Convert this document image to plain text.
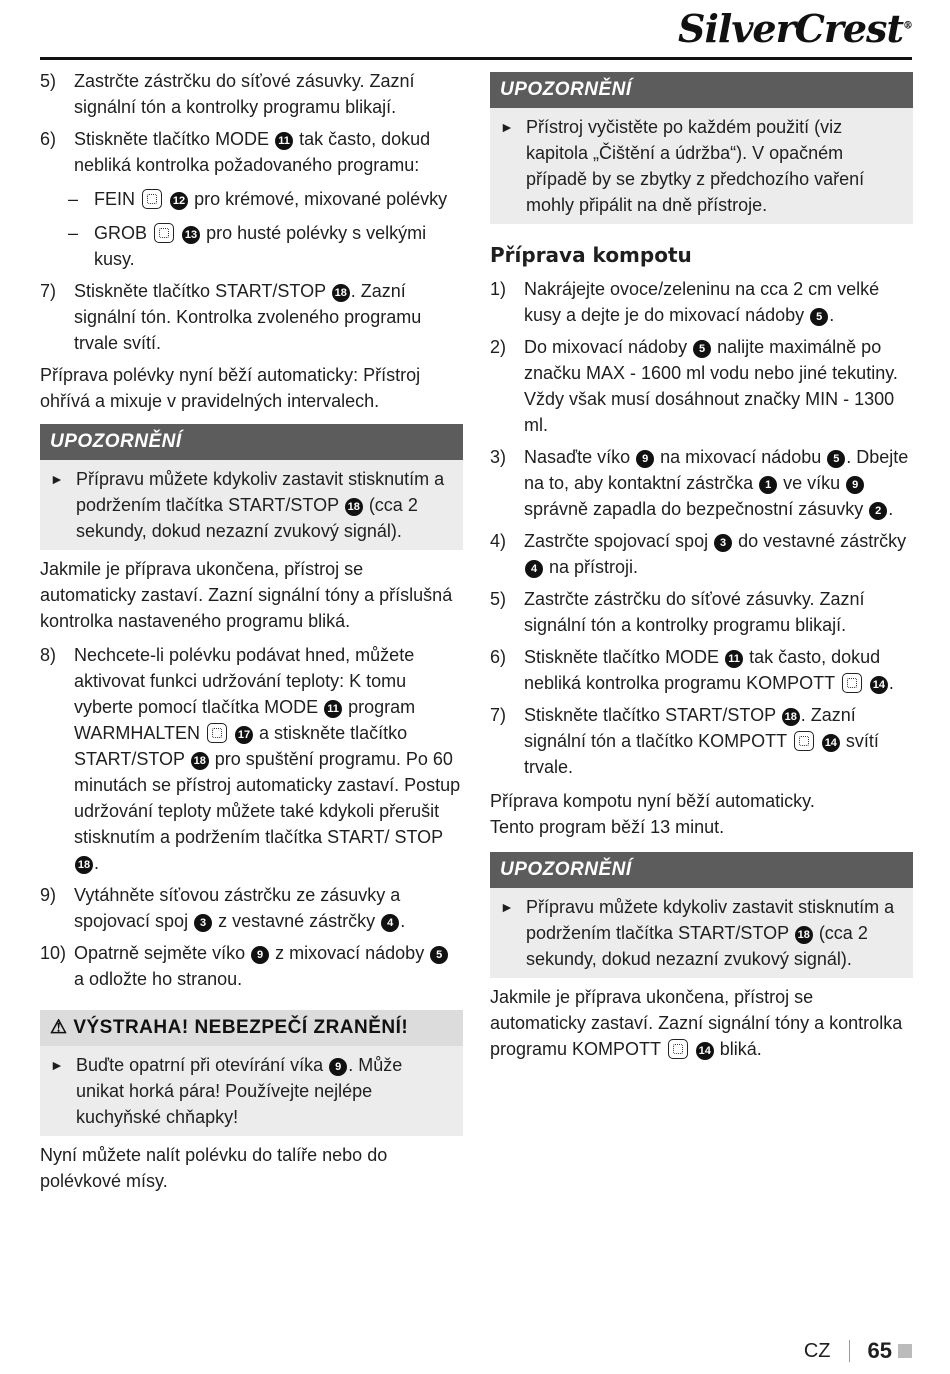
SilverCrest®
5) Zastrčte zástrčku do síťové zásuvky. Zazní signální tón a kontrolky programu blikají.
6) Stiskněte tlačítko MODE 11 tak často, dokud nebliká kontrolka požadovaného programu:
– FEIN	12 pro krémové, mixované polévky
– GROB	13 pro husté polévky s velkými kusy.
7) Stiskněte tlačítko START/STOP 18 . Zazní signální tón. Kontrolka zvoleného programu trvale svítí.
Příprava polévky nyní běží automaticky: Přístroj ohřívá a mixuje v pravidelných intervalech.
UPOZORNĚNÍ
► Přípravu můžete kdykoliv zastavit stisknutím a podržením tlačítka START/STOP 18 (cca 2 sekundy, dokud nezazní zvukový signál).
Jakmile je příprava ukončena, přístroj se automaticky zastaví. Zazní signální tóny a příslušná kontrolka nastaveného programu bliká.
8) Nechcete-li polévku podávat hned, můžete aktivovat funkci udržování teploty: K tomu vyberte pomocí tlačítka MODE 11 program WARMHALTEN	17 a stiskněte tlačítko START/STOP 18 pro spuštění programu. Po 60 minutách se přístroj automaticky zastaví. Postup udržování teploty můžete také kdykoli přerušit stisknutím a podržením tlačítka START/ STOP 18 .
9) Vytáhněte síťovou zástrčku ze zásuvky a spojovací spoj 3 z vestavné zástrčky 4 .
10) Opatrně sejměte víko 9 z mixovací nádoby 5 a odložte ho stranou.
⚠ VÝSTRAHA! NEBEZPEČÍ ZRANĚNÍ!
► Buďte opatrní při otevírání víka 9 . Může unikat horká pára! Používejte nejlépe kuchyňské chňapky!
Nyní můžete nalít polévku do talíře nebo do polévkové mísy.
UPOZORNĚNÍ
► Přístroj vyčistěte po každém použití (viz kapitola „Čištění a údržba“). V opačném případě by se zbytky z předchozího vaření mohly připálit na dně přístroje.
Příprava kompotu
1) Nakrájejte ovoce/zeleninu na cca 2 cm velké kusy a dejte je do mixovací nádoby 5 .
2) Do mixovací nádoby 5 nalijte maximálně po značku MAX - 1600 ml vodu nebo jiné tekutiny. Vždy však musí dosáhnout značky MIN - 1300 ml.
3) Nasaďte víko 9 na mixovací nádobu 5 . Dbejte na to, aby kontaktní zástrčka 1 ve víku 9 správně zapadla do bezpečnostní zásuvky 2 .
4) Zastrčte spojovací spoj 3 do vestavné zástrčky 4 na přístroji.
5) Zastrčte zástrčku do síťové zásuvky. Zazní signální tón a kontrolky programu blikají.
6) Stiskněte tlačítko MODE 11 tak často, dokud nebliká kontrolka programu KOMPOTT	14 .
7) Stiskněte tlačítko START/STOP 18 . Zazní signální tón a tlačítko KOMPOTT	14 svítí trvale.
Příprava kompotu nyní běží automaticky.
Tento program běží 13 minut.
UPOZORNĚNÍ
► Přípravu můžete kdykoliv zastavit stisknutím a podržením tlačítka START/STOP 18 (cca 2 sekundy, dokud nezazní zvukový signál).
Jakmile je příprava ukončena, přístroj se automaticky zastaví. Zazní signální tóny a kontrolka programu KOMPOTT	14 bliká.
CZ 65
